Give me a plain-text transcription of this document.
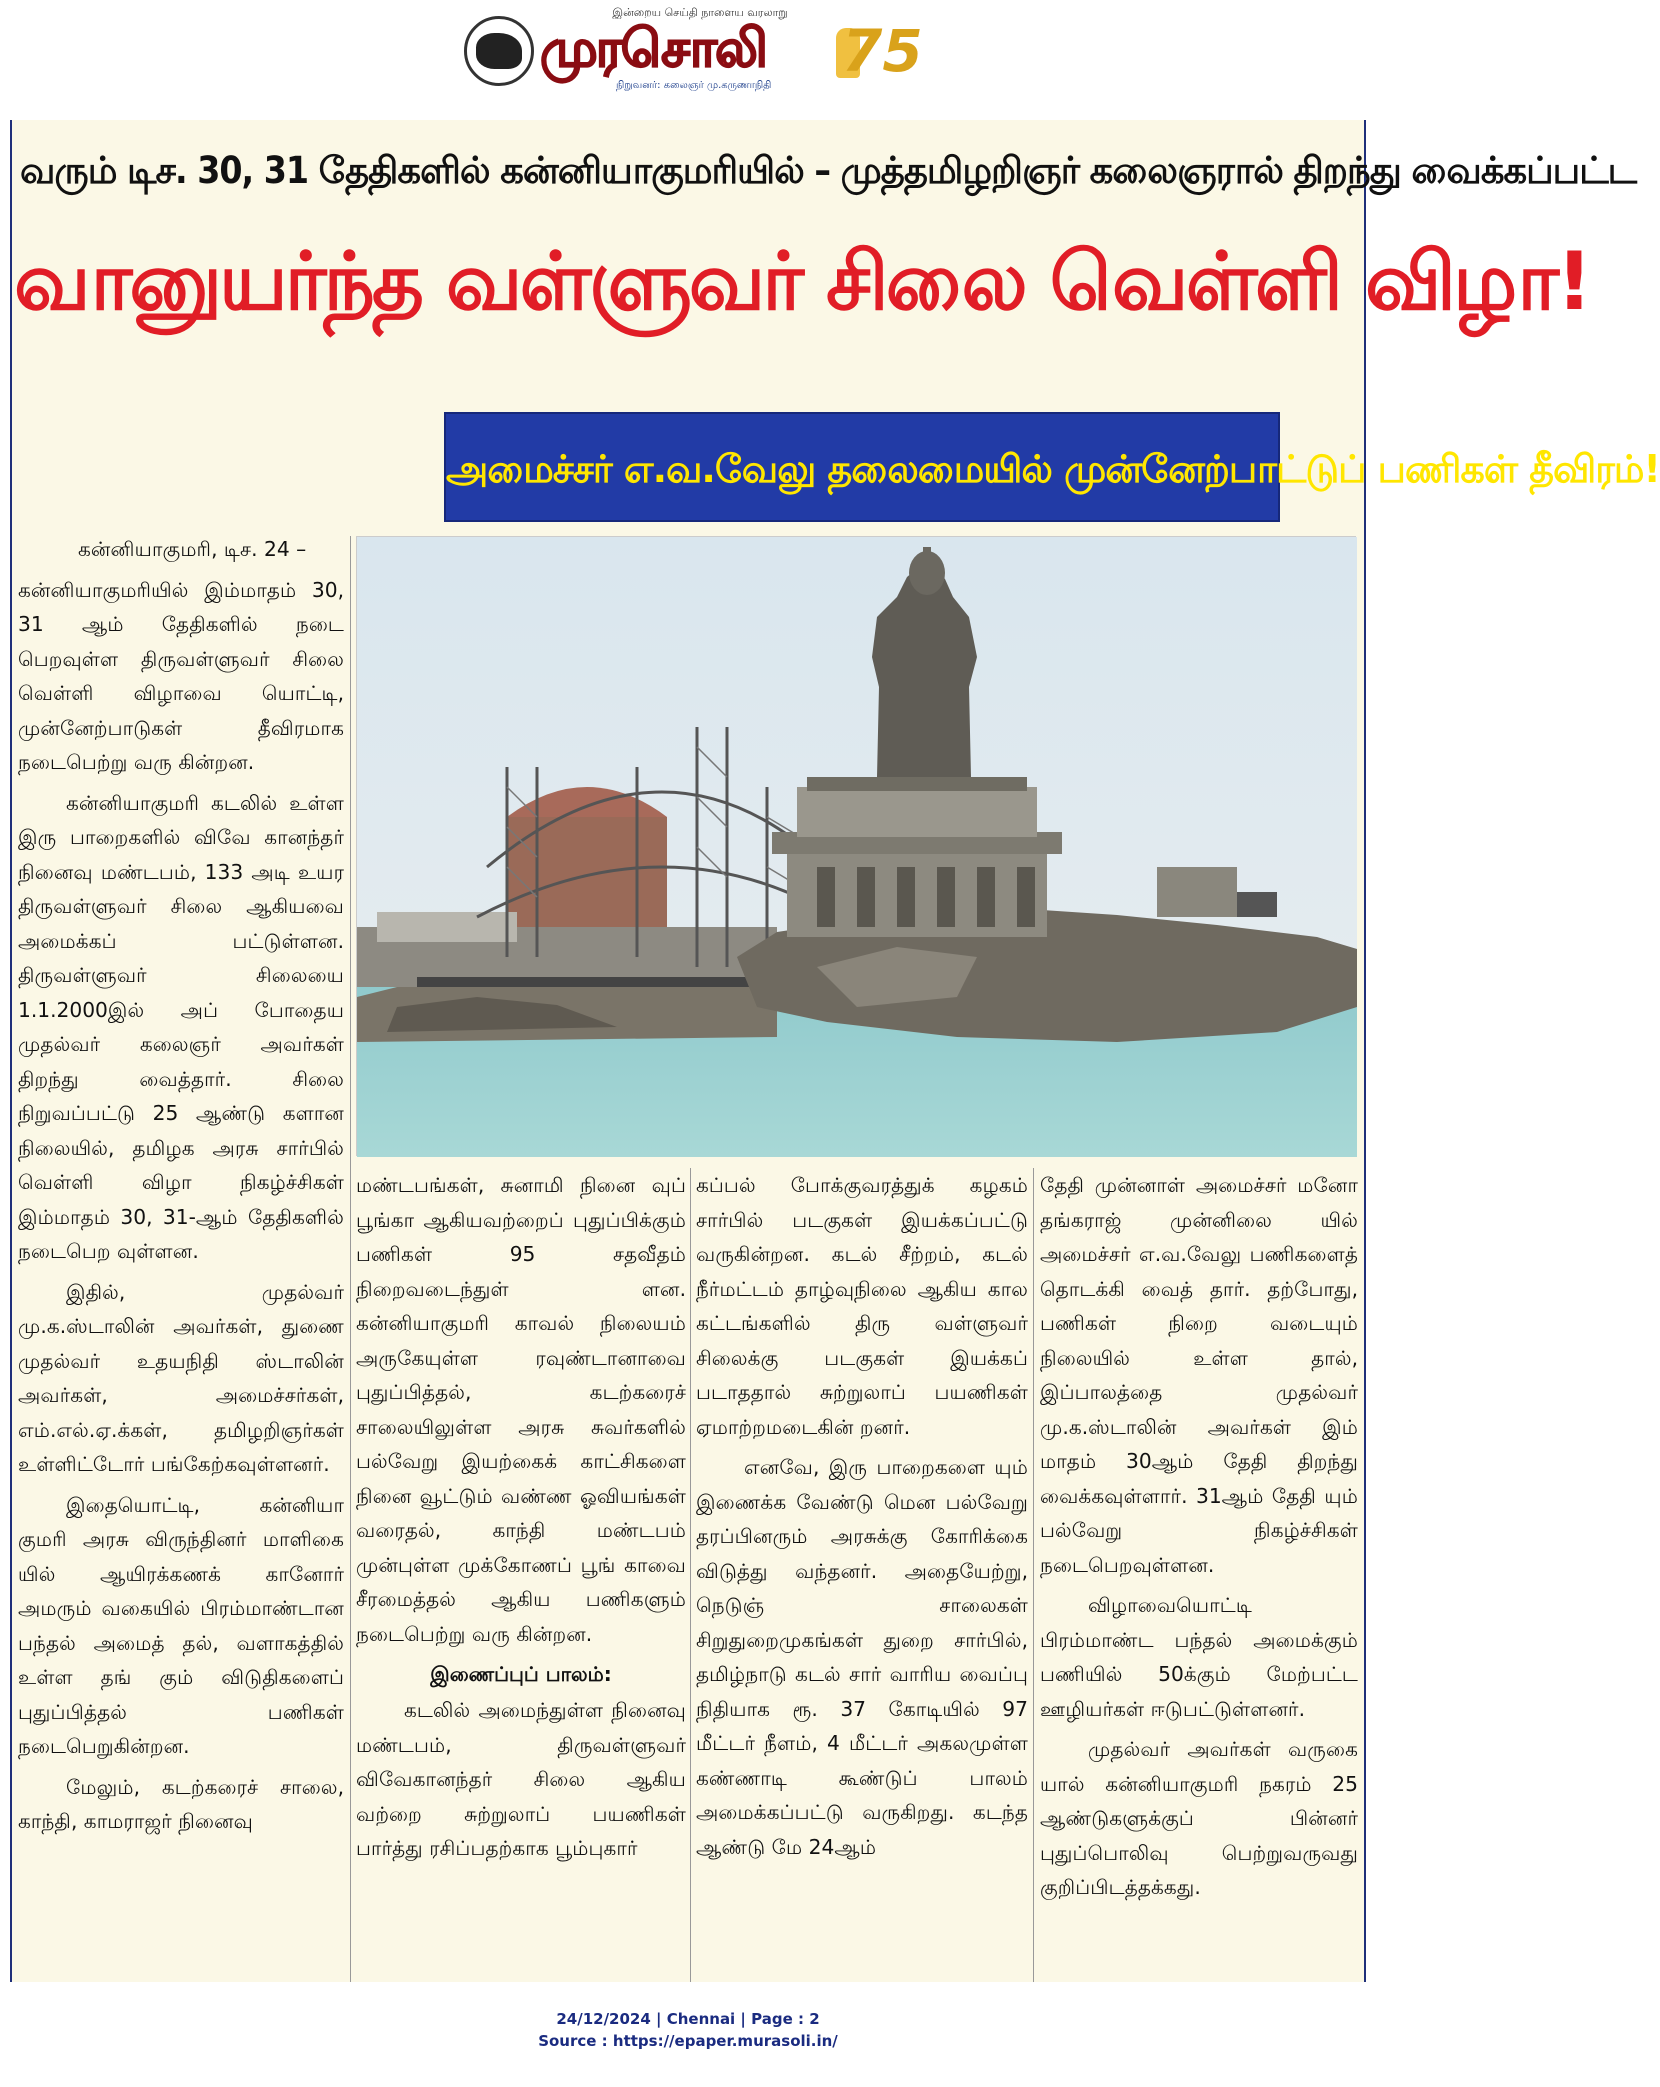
இன்றைய செய்தி நாளைய வரலாறு
முரசொலி
நிறுவனர்: கலைஞர் மு.கருணாநிதி
75
வரும் டிச. 30, 31 தேதிகளில் கன்னியாகுமரியில் – முத்தமிழறிஞர் கலைஞரால் திறந்து வைக்கப்பட்ட
வானுயர்ந்த வள்ளுவர் சிலை வெள்ளி விழா!
அமைச்சர் எ.வ.வேலு தலைமையில் முன்னேற்பாட்டுப் பணிகள் தீவிரம்!

கன்னியாகுமரி, டிச. 24 –

கன்னியாகுமரியில் இம்மாதம் 30, 31 ஆம் தேதிகளில் நடை பெறவுள்ள திருவள்ளுவர் சிலை வெள்ளி விழாவை யொட்டி, முன்னேற்பாடுகள் தீவிரமாக நடைபெற்று வரு கின்றன.

கன்னியாகுமரி கடலில் உள்ள இரு பாறைகளில் விவே கானந்தர் நினைவு மண்டபம், 133 அடி உயர திருவள்ளுவர் சிலை ஆகியவை அமைக்கப் பட்டுள்ளன. திருவள்ளுவர் சிலையை 1.1.2000இல் அப் போதைய முதல்வர் கலைஞர் அவர்கள் திறந்து வைத்தார். சிலை நிறுவப்பட்டு 25 ஆண்டு களான நிலையில், தமிழக அரசு சார்பில் வெள்ளி விழா நிகழ்ச்சிகள் இம்மாதம் 30, 31-ஆம் தேதிகளில் நடைபெற வுள்ளன.

இதில், முதல்வர் மு.க.ஸ்டாலின் அவர்கள், துணை முதல்வர் உதயநிதி ஸ்டாலின் அவர்கள், அமைச்சர்கள், எம்.எல்.ஏ.க்கள், தமிழறிஞர்கள் உள்ளிட்டோர் பங்கேற்கவுள்ளனர்.

இதையொட்டி, கன்னியா குமரி அரசு விருந்தினர் மாளிகை யில் ஆயிரக்கணக் கானோர் அமரும் வகையில் பிரம்மாண்டான பந்தல் அமைத் தல், வளாகத்தில் உள்ள தங் கும் விடுதிகளைப் புதுப்பித்தல் பணிகள் நடைபெறுகின்றன.

மேலும், கடற்கரைச் சாலை, காந்தி, காமராஜர் நினைவு

மண்டபங்கள், சுனாமி நினை வுப் பூங்கா ஆகியவற்றைப் புதுப்பிக்கும் பணிகள் 95 சதவீதம் நிறைவடைந்துள் ளன. கன்னியாகுமரி காவல் நிலையம் அருகேயுள்ள ரவுண்டானாவை புதுப்பித்தல், கடற்கரைச் சாலையிலுள்ள அரசு சுவர்களில் பல்வேறு இயற்கைக் காட்சிகளை நினை வூட்டும் வண்ண ஓவியங்கள் வரைதல், காந்தி மண்டபம் முன்புள்ள முக்கோணப் பூங் காவை சீரமைத்தல் ஆகிய பணிகளும் நடைபெற்று வரு கின்றன.

இணைப்புப் பாலம்:

கடலில் அமைந்துள்ள நினைவு மண்டபம், திருவள்ளுவர் விவேகானந்தர் சிலை ஆகிய வற்றை சுற்றுலாப் பயணிகள் பார்த்து ரசிப்பதற்காக பூம்புகார்

கப்பல் போக்குவரத்துக் கழகம் சார்பில் படகுகள் இயக்கப்பட்டு வருகின்றன. கடல் சீற்றம், கடல் நீர்மட்டம் தாழ்வுநிலை ஆகிய கால கட்டங்களில் திரு வள்ளுவர் சிலைக்கு படகுகள் இயக்கப் படாததால் சுற்றுலாப் பயணிகள் ஏமாற்றமடைகின் றனர்.

எனவே, இரு பாறைகளை யும் இணைக்க வேண்டு மென பல்வேறு தரப்பினரும் அரசுக்கு கோரிக்கை விடுத்து வந்தனர். அதையேற்று, நெடுஞ் சாலைகள் சிறுதுறைமுகங்கள் துறை சார்பில், தமிழ்நாடு கடல் சார் வாரிய வைப்பு நிதியாக ரூ. 37 கோடியில் 97 மீட்டர் நீளம், 4 மீட்டர் அகலமுள்ள கண்ணாடி கூண்டுப் பாலம் அமைக்கப்பட்டு வருகிறது. கடந்த ஆண்டு மே 24ஆம்

தேதி முன்னாள் அமைச்சர் மனோ தங்கராஜ் முன்னிலை யில் அமைச்சர் எ.வ.வேலு பணிகளைத் தொடக்கி வைத் தார். தற்போது, பணிகள் நிறை வடையும் நிலையில் உள்ள தால், இப்பாலத்தை முதல்வர் மு.க.ஸ்டாலின் அவர்கள் இம் மாதம் 30ஆம் தேதி திறந்து வைக்கவுள்ளார். 31ஆம் தேதி யும் பல்வேறு நிகழ்ச்சிகள் நடைபெறவுள்ளன.

விழாவையொட்டி பிரம்மாண்ட பந்தல் அமைக்கும் பணியில் 50க்கும் மேற்பட்ட ஊழியர்கள் ஈடுபட்டுள்ளனர்.

முதல்வர் அவர்கள் வருகை யால் கன்னியாகுமரி நகரம் 25 ஆண்டுகளுக்குப் பின்னர் புதுப்பொலிவு பெற்றுவருவது குறிப்பிடத்தக்கது.

24/12/2024 | Chennai | Page : 2
Source : https://epaper.murasoli.in/
